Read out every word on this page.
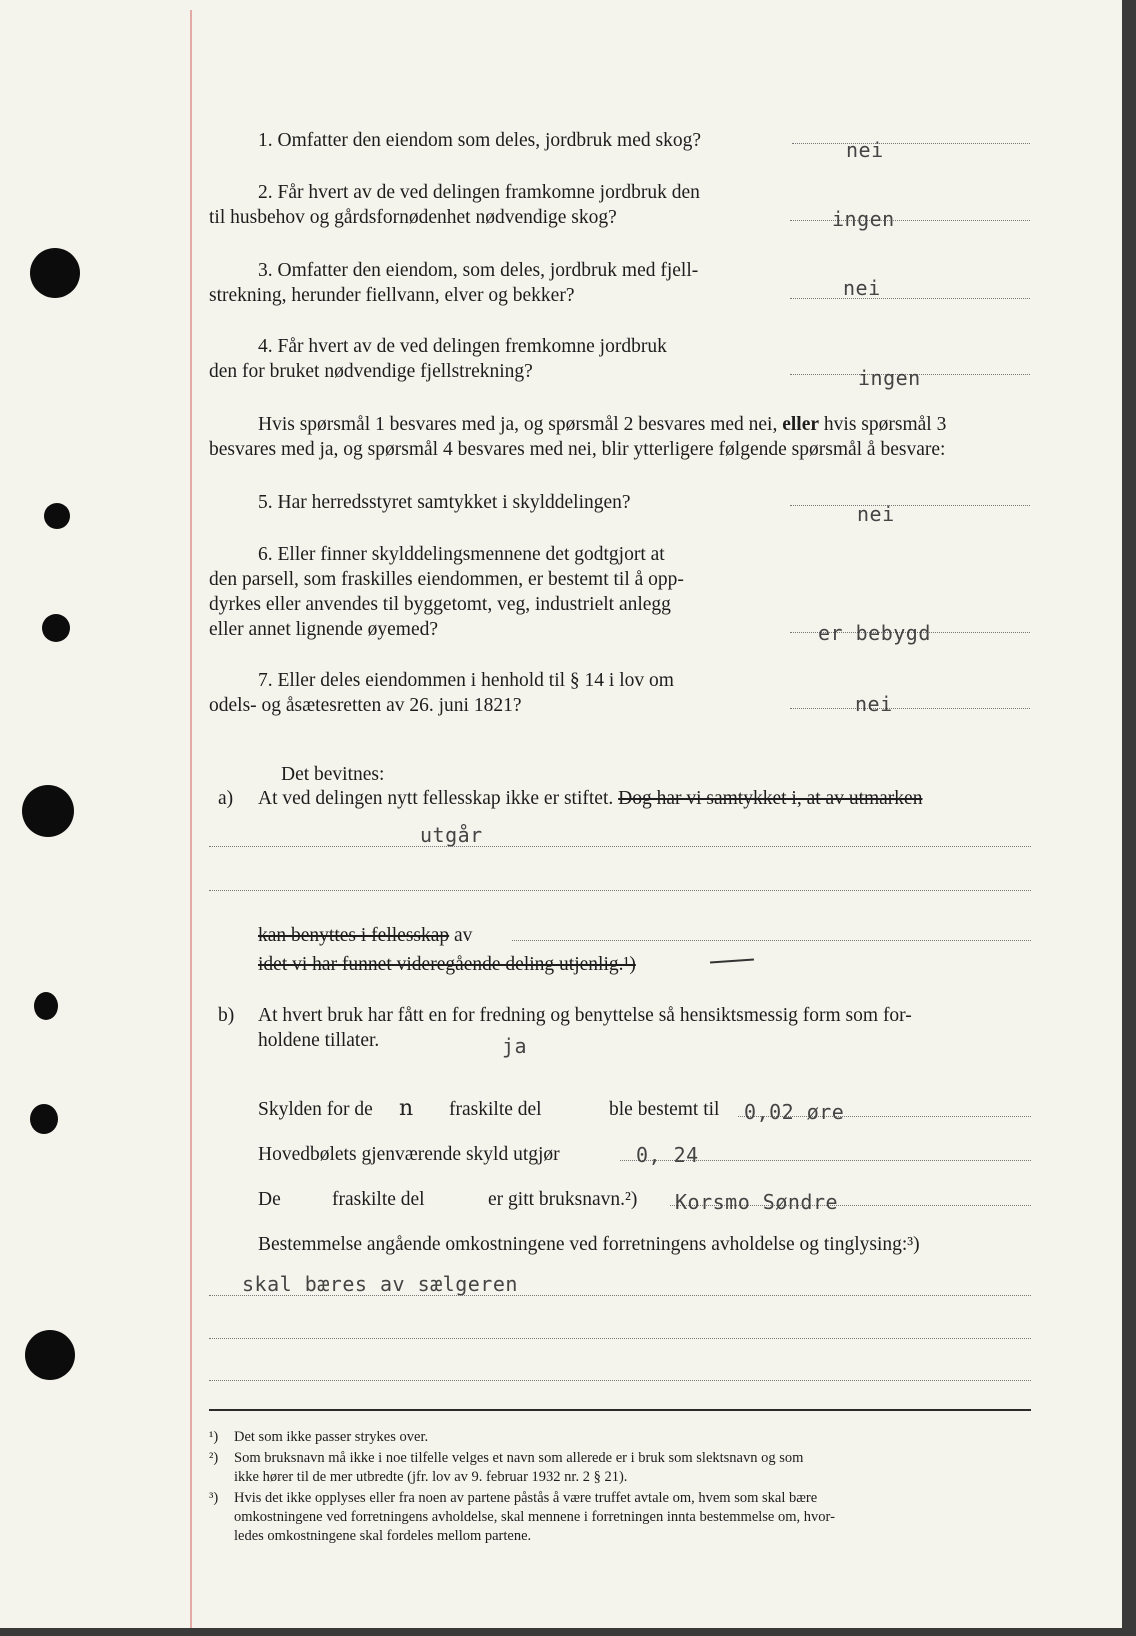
1. Omfatter den eiendom som deles, jordbruk med skog?	nei
2. Får hvert av de ved delingen framkomne jordbruk den
til husbehov og gårdsfornødenhet nødvendige skog?	ingen
3. Omfatter den eiendom, som deles, jordbruk med fjell-
strekning, herunder fiellvann, elver og bekker?	nei
4. Får hvert av de ved delingen fremkomne jordbruk
den for bruket nødvendige fjellstrekning?	ingen
Hvis spørsmål 1 besvares med ja, og spørsmål 2 besvares med nei, eller hvis spørsmål 3
besvares med ja, og spørsmål 4 besvares med nei, blir ytterligere følgende spørsmål å besvare:
5. Har herredsstyret samtykket i skylddelingen?	nei
6. Eller finner skylddelingsmennene det godtgjort at
den parsell, som fraskilles eiendommen, er bestemt til å opp-
dyrkes eller anvendes til byggetomt, veg, industrielt anlegg
eller annet lignende øyemed?	er bebygd
7. Eller deles eiendommen i henhold til § 14 i lov om
odels- og åsætesretten av 26. juni 1821?	nei
Det bevitnes:
a) At ved delingen nytt fellesskap ikke er stiftet. Dog har vi samtykket i, at av utmarken
utgår
kan benyttes i fellesskap av
idet vi har funnet videregående deling utjenlig.¹)
b) At hvert bruk har fått en for fredning og benyttelse så hensiktsmessig form som for-
holdene tillater.	ja
Skylden for de n fraskilte del	ble bestemt til 0,02 øre
Hovedbølets gjenværende skyld utgjør	0, 24
De	fraskilte del	er gitt bruksnavn.²) Korsmo Søndre
Bestemmelse angående omkostningene ved forretningens avholdelse og tinglysing:³)
skal bæres av sælgeren
¹) Det som ikke passer strykes over.
²) Som bruksnavn må ikke i noe tilfelle velges et navn som allerede er i bruk som slektsnavn og som
ikke hører til de mer utbredte (jfr. lov av 9. februar 1932 nr. 2 § 21).
³) Hvis det ikke opplyses eller fra noen av partene påstås å være truffet avtale om, hvem som skal bære
omkostningene ved forretningens avholdelse, skal mennene i forretningen innta bestemmelse om, hvor-
ledes omkostningene skal fordeles mellom partene.
